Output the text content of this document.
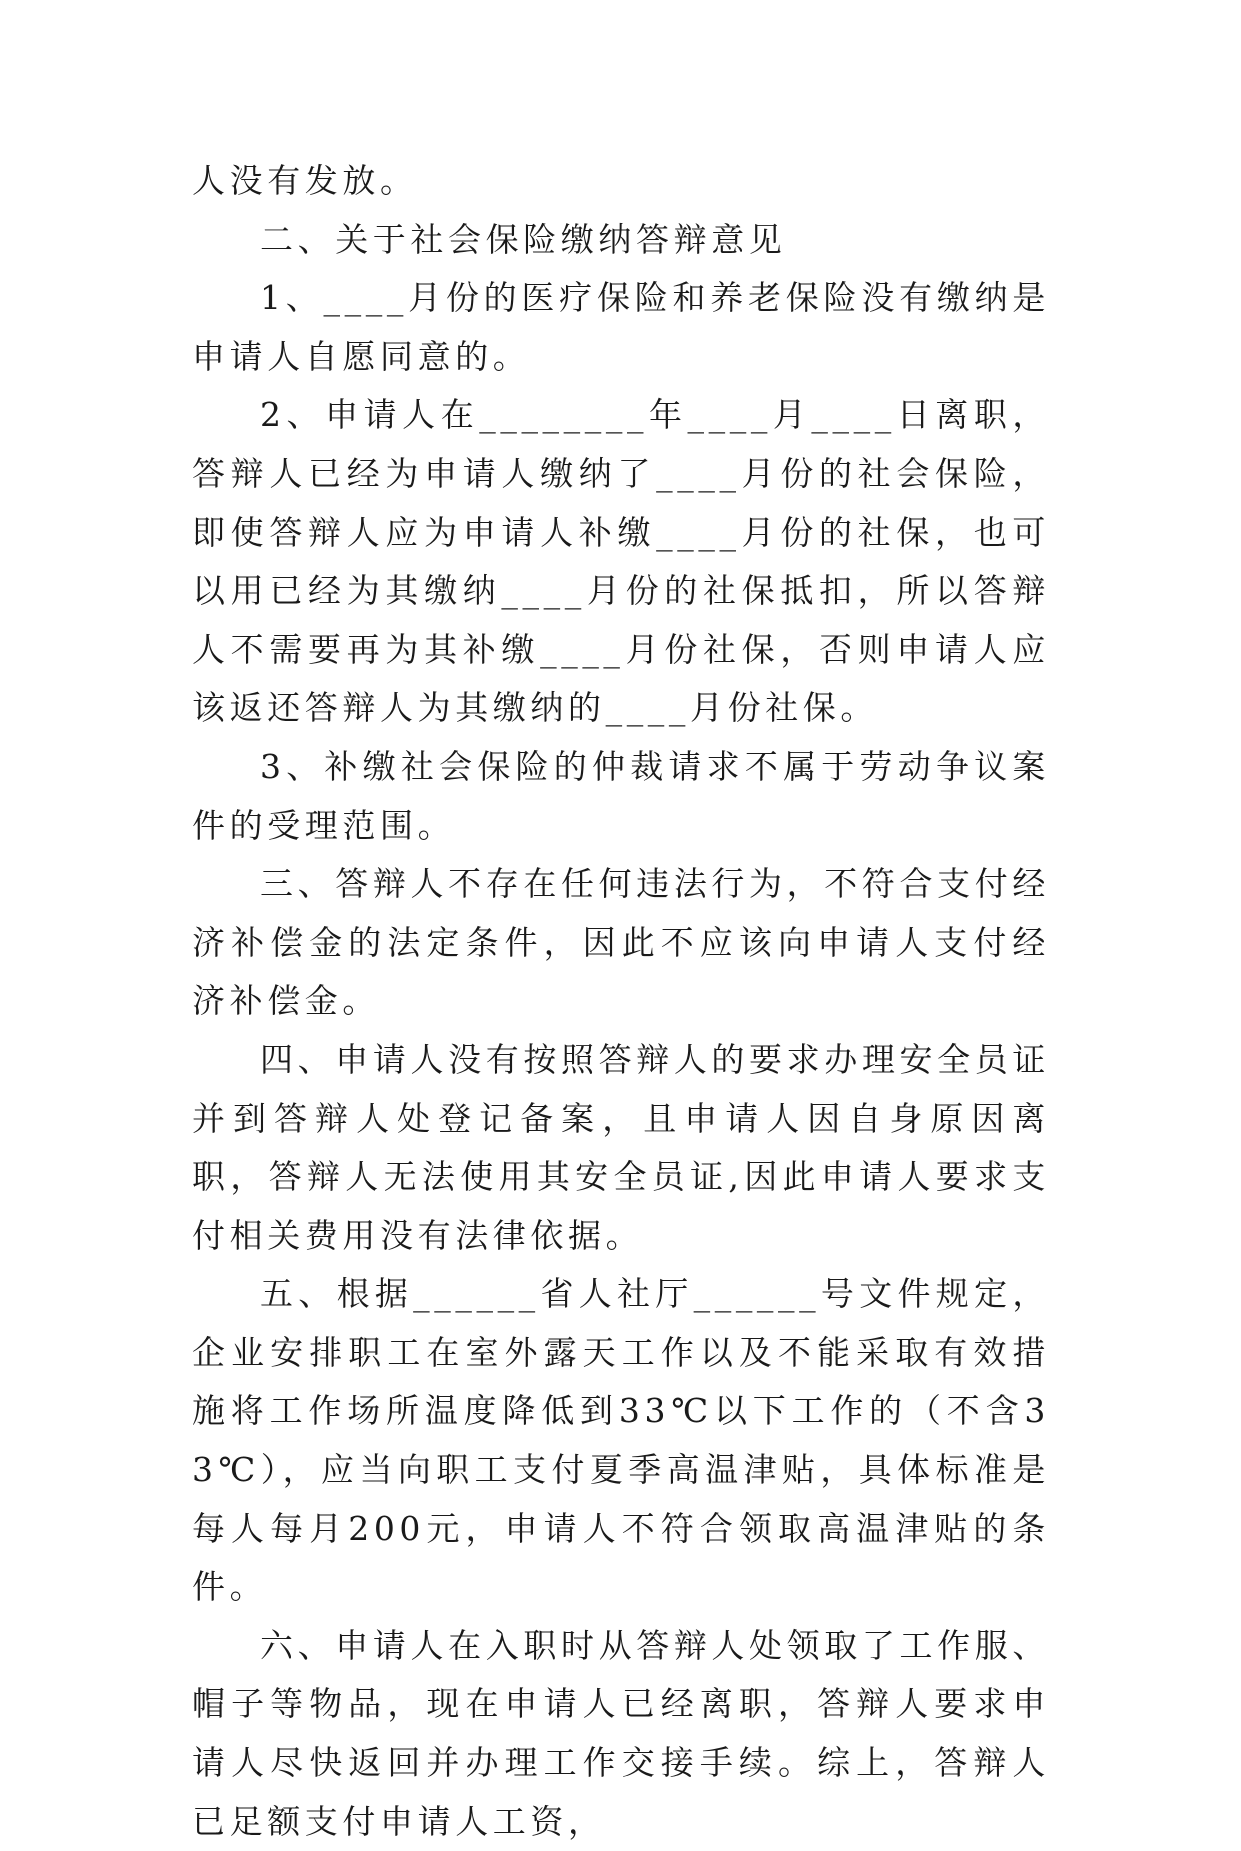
人没有发放。

二、关于社会保险缴纳答辩意见

1、____月份的医疗保险和养老保险没有缴纳是申请人自愿同意的。

2、申请人在________年____月____日离职，答辩人已经为申请人缴纳了____月份的社会保险，即使答辩人应为申请人补缴____月份的社保，也可以用已经为其缴纳____月份的社保抵扣，所以答辩人不需要再为其补缴____月份社保，否则申请人应该返还答辩人为其缴纳的____月份社保。

3、补缴社会保险的仲裁请求不属于劳动争议案件的受理范围。

三、答辩人不存在任何违法行为，不符合支付经济补偿金的法定条件，因此不应该向申请人支付经济补偿金。

四、申请人没有按照答辩人的要求办理安全员证并到答辩人处登记备案，且申请人因自身原因离职，答辩人无法使用其安全员证,因此申请人要求支付相关费用没有法律依据。

五、根据______省人社厅______号文件规定，企业安排职工在室外露天工作以及不能采取有效措施将工作场所温度降低到33℃以下工作的（不含33℃），应当向职工支付夏季高温津贴，具体标准是每人每月200元，申请人不符合领取高温津贴的条件。

六、申请人在入职时从答辩人处领取了工作服、帽子等物品，现在申请人已经离职，答辩人要求申请人尽快返回并办理工作交接手续。综上，答辩人已足额支付申请人工资，
